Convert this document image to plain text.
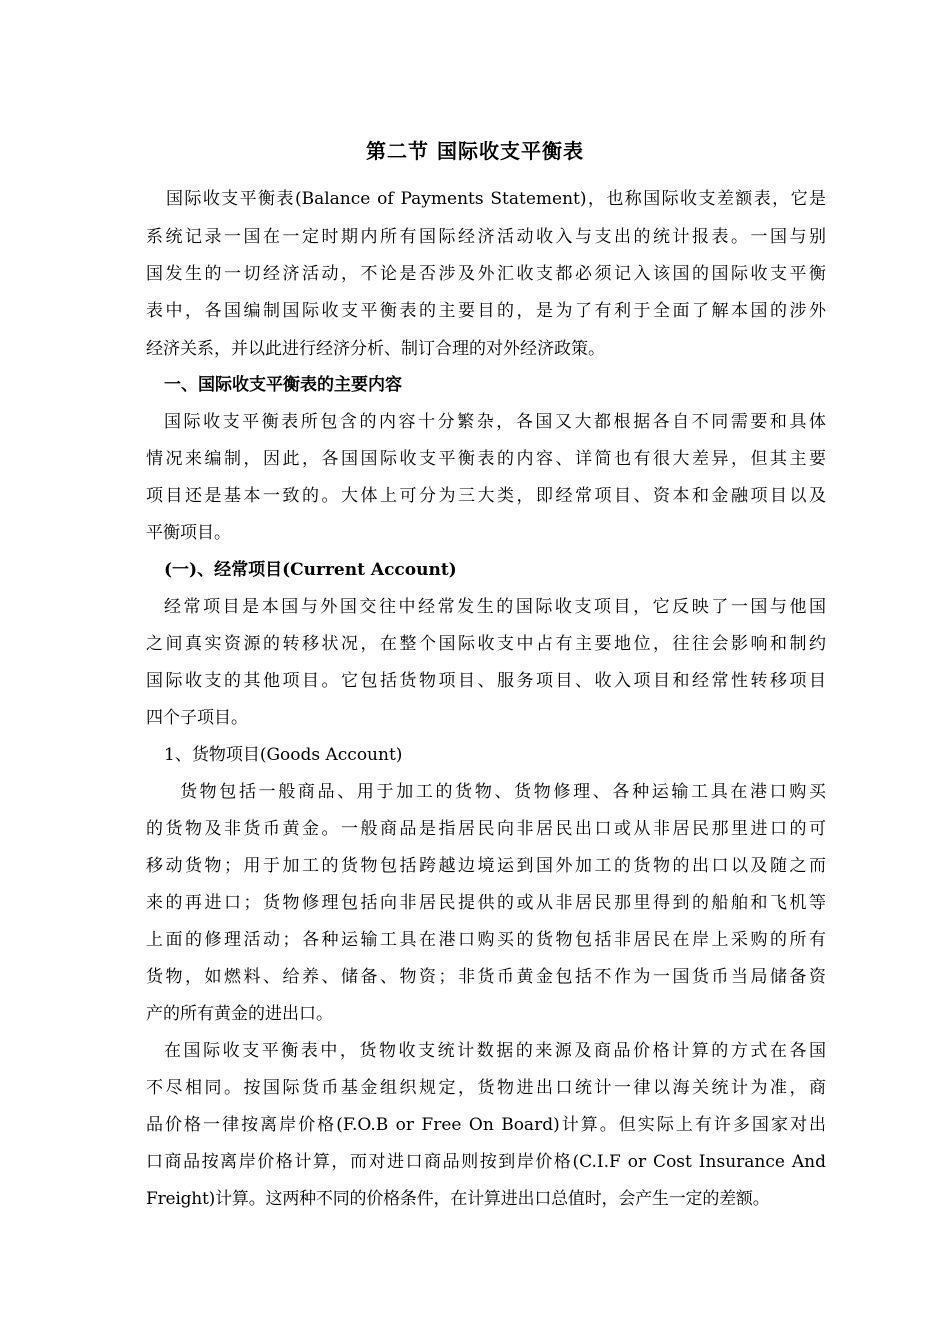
第二节 国际收支平衡表
国际收支平衡表(Balance of Payments Statement)，也称国际收支差额表，它是
系统记录一国在一定时期内所有国际经济活动收入与支出的统计报表。一国与别
国发生的一切经济活动，不论是否涉及外汇收支都必须记入该国的国际收支平衡
表中，各国编制国际收支平衡表的主要目的，是为了有利于全面了解本国的涉外
经济关系，并以此进行经济分析、制订合理的对外经济政策。
一、国际收支平衡表的主要内容
国际收支平衡表所包含的内容十分繁杂，各国又大都根据各自不同需要和具体
情况来编制，因此，各国国际收支平衡表的内容、详简也有很大差异，但其主要
项目还是基本一致的。大体上可分为三大类，即经常项目、资本和金融项目以及
平衡项目。
(一)、经常项目(Current Account)
经常项目是本国与外国交往中经常发生的国际收支项目，它反映了一国与他国
之间真实资源的转移状况，在整个国际收支中占有主要地位，往往会影响和制约
国际收支的其他项目。它包括货物项目、服务项目、收入项目和经常性转移项目
四个子项目。
1、货物项目(Goods Account)
货物包括一般商品、用于加工的货物、货物修理、各种运输工具在港口购买
的货物及非货币黄金。一般商品是指居民向非居民出口或从非居民那里进口的可
移动货物；用于加工的货物包括跨越边境运到国外加工的货物的出口以及随之而
来的再进口；货物修理包括向非居民提供的或从非居民那里得到的船舶和飞机等
上面的修理活动；各种运输工具在港口购买的货物包括非居民在岸上采购的所有
货物，如燃料、给养、储备、物资；非货币黄金包括不作为一国货币当局储备资
产的所有黄金的进出口。
在国际收支平衡表中，货物收支统计数据的来源及商品价格计算的方式在各国
不尽相同。按国际货币基金组织规定，货物进出口统计一律以海关统计为准，商
品价格一律按离岸价格(F.O.B or Free On Board)计算。但实际上有许多国家对出
口商品按离岸价格计算，而对进口商品则按到岸价格(C.I.F or Cost Insurance And
Freight)计算。这两种不同的价格条件，在计算进出口总值时，会产生一定的差额。
